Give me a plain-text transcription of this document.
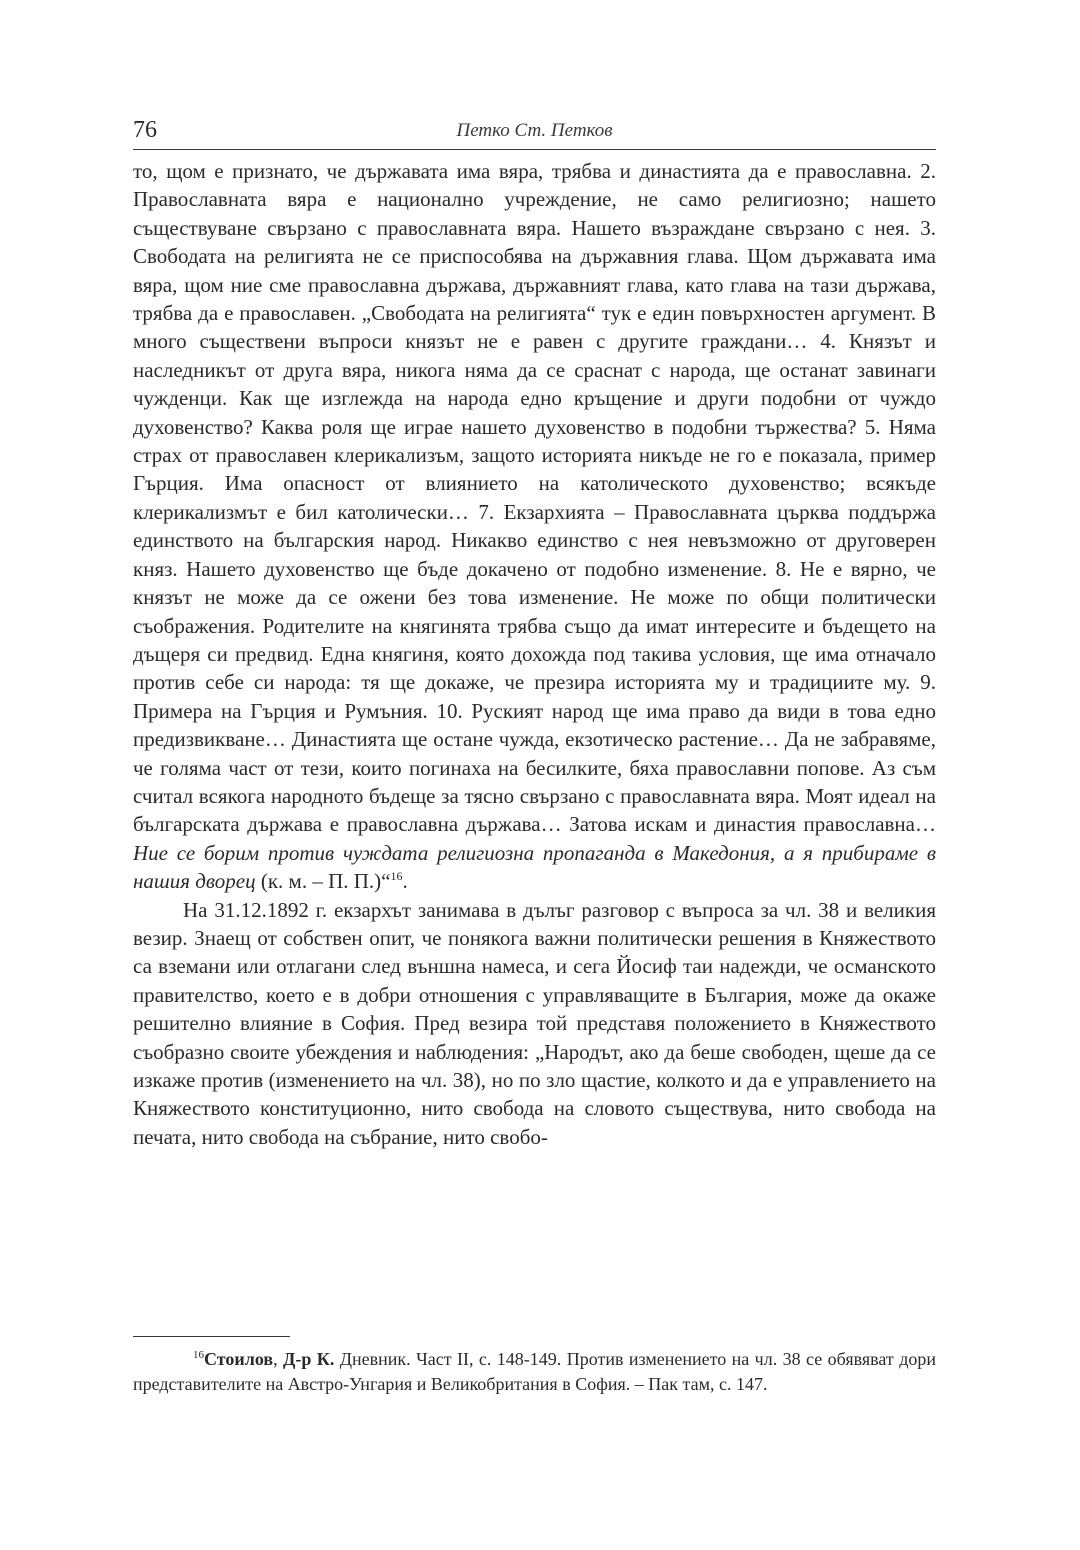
76	Петко Ст. Петков

то, щом е признато, че държавата има вяра, трябва и династията да е православна. 2. Православната вяра е национално учреждение, не само религиозно; нашето съществуване свързано с православната вяра. Нашето възраждане свързано с нея. 3. Свободата на религията не се приспособява на държавния глава. Щом държавата има вяра, щом ние сме православна държава, държавният глава, като глава на тази държава, трябва да е православен. „Свободата на религията“ тук е един повърхностен аргумент. В много съществени въпроси князът не е равен с другите граждани… 4. Князът и наследникът от друга вяра, никога няма да се сраснат с народа, ще останат завинаги чужденци. Как ще изглежда на народа едно кръщение и други подобни от чуждо духовенство? Каква роля ще играе нашето духовенство в подобни тържества? 5. Няма страх от православен клерикализъм, защото историята никъде не го е показала, пример Гърция. Има опасност от влиянието на католическото духовенство; всякъде клерикализмът е бил католически… 7. Екзархията – Православната църква поддържа единството на българския народ. Никакво единство с нея невъзможно от друговерен княз. Нашето духовенство ще бъде докачено от подобно изменение. 8. Не е вярно, че князът не може да се ожени без това изменение. Не може по общи политически съображения. Родителите на княгинята трябва също да имат интересите и бъдещето на дъщеря си предвид. Една княгиня, която дохожда под такива условия, ще има отначало против себе си народа: тя ще докаже, че презира историята му и традициите му. 9. Примера на Гърция и Румъния. 10. Руският народ ще има право да види в това едно предизвикване… Династията ще остане чужда, екзотическо растение… Да не забравяме, че голяма част от тези, които погинаха на бесилките, бяха православни попове. Аз съм считал всякога народното бъдеще за тясно свързано с православната вяра. Моят идеал на българската държава е православна държава… Затова искам и династия православна… Ние се борим против чуждата религиозна пропаганда в Македония, а я прибираме в нашия дворец (к. м. – П. П.)“$^{16}$.

На 31.12.1892 г. екзархът занимава в дълъг разговор с въпроса за чл. 38 и великия везир. Знаещ от собствен опит, че понякога важни политически решения в Княжеството са вземани или отлагани след външна намеса, и сега Йосиф таи надежди, че османското правителство, което е в добри отношения с управляващите в България, може да окаже решително влияние в София. Пред везира той представя положението в Княжеството съобразно своите убеждения и наблюдения: „Народът, ако да беше свободен, щеше да се изкаже против (изменението на чл. 38), но по зло щастие, колкото и да е управлението на Княжеството конституционно, нито свобода на словото съществува, нито свобода на печата, нито свобода на събрание, нито свобо-

$^{16}$Стоилов, Д-р К. Дневник. Част II, с. 148-149. Против изменението на чл. 38 се обявяват дори представителите на Австро-Унгария и Великобритания в София. – Пак там, с. 147.
